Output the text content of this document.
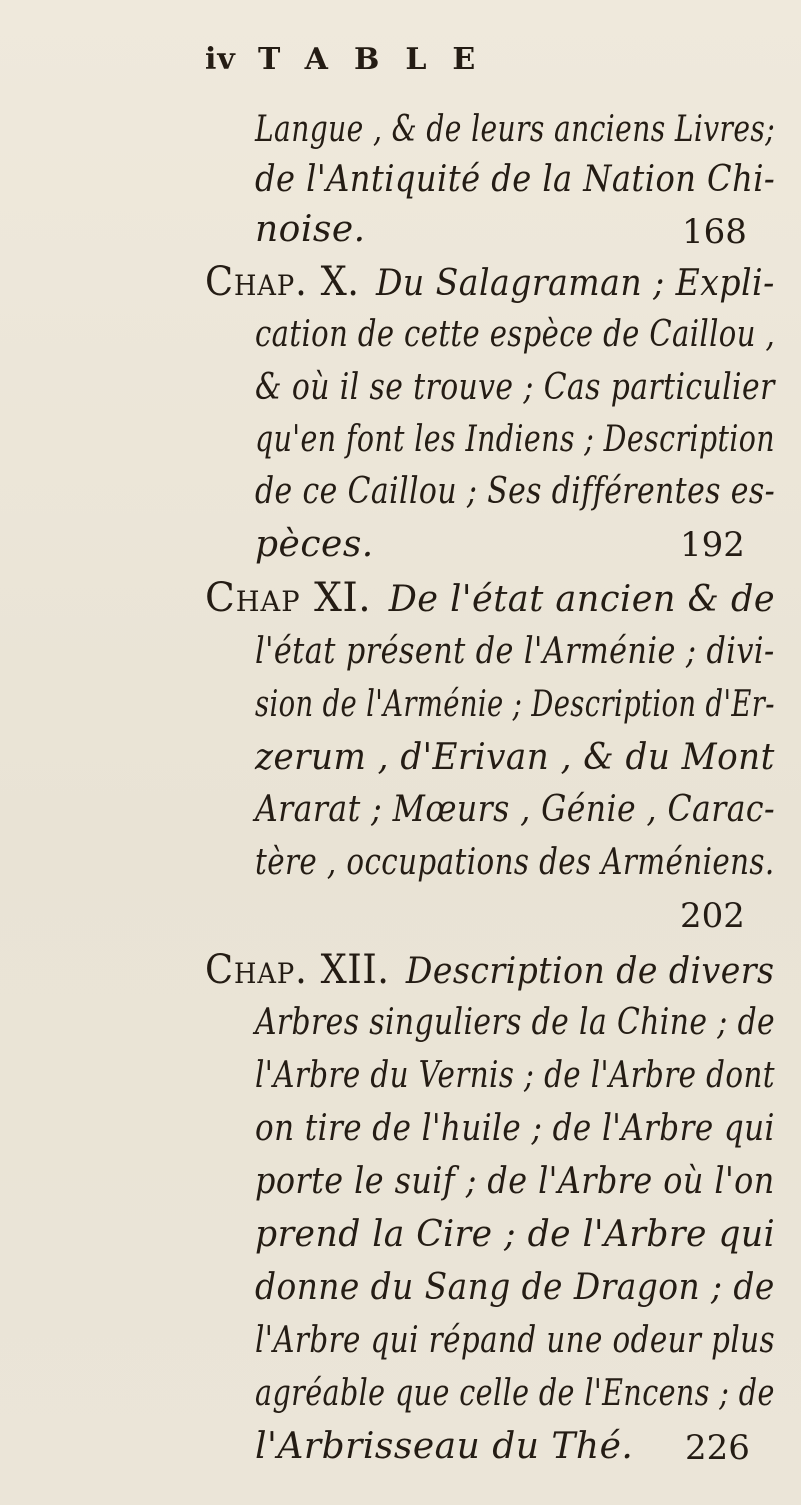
iv TABLE
Langue , & de leurs anciens Livres;
de l'Antiquité de la Nation Chi-
noise.	168
Chap. X. Du Salagraman ; Expli-
cation de cette espèce de Caillou ,
& où il se trouve ; Cas particulier
qu'en font les Indiens ; Description
de ce Caillou ; Ses différentes es-
pèces.	192
Chap XI. De l'état ancien & de
l'état présent de l'Arménie ; divi-
sion de l'Arménie ; Description d'Er-
zerum , d'Erivan , & du Mont
Ararat ; Mœurs , Génie , Carac-
tère , occupations des Arméniens.
202
Chap. XII. Description de divers
Arbres singuliers de la Chine ; de
l'Arbre du Vernis ; de l'Arbre dont
on tire de l'huile ; de l'Arbre qui
porte le suif ; de l'Arbre où l'on
prend la Cire ; de l'Arbre qui
donne du Sang de Dragon ; de
l'Arbre qui répand une odeur plus
agréable que celle de l'Encens ; de
l'Arbrisseau du Thé. 226
